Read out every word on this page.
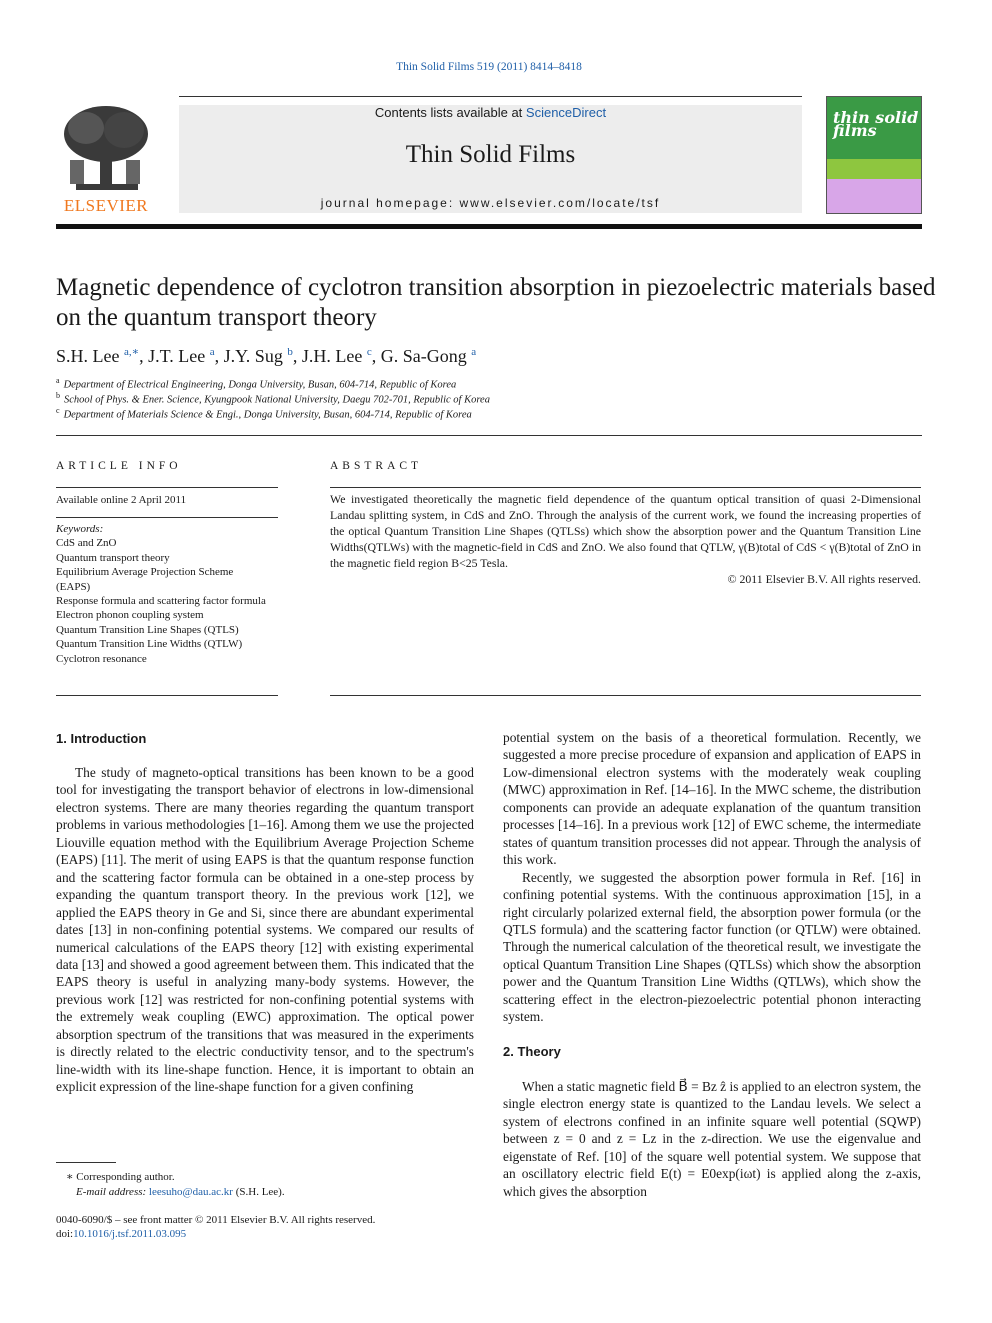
Thin Solid Films 519 (2011) 8414–8418
ELSEVIER
Contents lists available at ScienceDirect
Thin Solid Films
journal homepage: www.elsevier.com/locate/tsf
thin solid films
Magnetic dependence of cyclotron transition absorption in piezoelectric materials based on the quantum transport theory
S.H. Lee $^{a,∗}$, J.T. Lee $^a$, J.Y. Sug $^b$, J.H. Lee $^c$, G. Sa-Gong $^a$
$^a$ Department of Electrical Engineering, Donga University, Busan, 604-714, Republic of Korea
$^b$ School of Phys. & Ener. Science, Kyungpook National University, Daegu 702-701, Republic of Korea
$^c$ Department of Materials Science & Engi., Donga University, Busan, 604-714, Republic of Korea
ARTICLE INFO
Available online 2 April 2011
Keywords:
CdS and ZnO
Quantum transport theory
Equilibrium Average Projection Scheme (EAPS)
Response formula and scattering factor formula
Electron phonon coupling system
Quantum Transition Line Shapes (QTLS)
Quantum Transition Line Widths (QTLW)
Cyclotron resonance
ABSTRACT
We investigated theoretically the magnetic field dependence of the quantum optical transition of quasi 2-Dimensional Landau splitting system, in CdS and ZnO. Through the analysis of the current work, we found the increasing properties of the optical Quantum Transition Line Shapes (QTLSs) which show the absorption power and the Quantum Transition Line Widths(QTLWs) with the magnetic-field in CdS and ZnO. We also found that QTLW, γ(B)total of CdS < γ(B)total of ZnO in the magnetic field region B<25 Tesla.
© 2011 Elsevier B.V. All rights reserved.
1. Introduction

The study of magneto-optical transitions has been known to be a good tool for investigating the transport behavior of electrons in low-dimensional electron systems. There are many theories regarding the quantum transport problems in various methodologies [1–16]. Among them we use the projected Liouville equation method with the Equilibrium Average Projection Scheme (EAPS) [11]. The merit of using EAPS is that the quantum response function and the scattering factor formula can be obtained in a one-step process by expanding the quantum transport theory. In the previous work [12], we applied the EAPS theory in Ge and Si, since there are abundant experimental dates [13] in non-confining potential systems. We compared our results of numerical calculations of the EAPS theory [12] with existing experimental data [13] and showed a good agreement between them. This indicated that the EAPS theory is useful in analyzing many-body systems. However, the previous work [12] was restricted for non-confining potential systems with the extremely weak coupling (EWC) approximation. The optical power absorption spectrum of the transitions that was measured in the experiments is directly related to the electric conductivity tensor, and to the spectrum's line-width with its line-shape function. Hence, it is important to obtain an explicit expression of the line-shape function for a given confining

potential system on the basis of a theoretical formulation. Recently, we suggested a more precise procedure of expansion and application of EAPS in Low-dimensional electron systems with the moderately weak coupling (MWC) approximation in Ref. [14–16]. In the MWC scheme, the distribution components can provide an adequate explanation of the quantum transition processes [14–16]. In a previous work [12] of EWC scheme, the intermediate states of quantum transition processes did not appear. Through the analysis of this work.

Recently, we suggested the absorption power formula in Ref. [16] in confining potential systems. With the continuous approximation [15], in a right circularly polarized external field, the absorption power formula (or the QTLS formula) and the scattering factor function (or QTLW) were obtained. Through the numerical calculation of the theoretical result, we investigate the optical Quantum Transition Line Shapes (QTLSs) which show the absorption power and the Quantum Transition Line Widths (QTLWs), which show the scattering effect in the electron-piezoelectric potential phonon interacting system.

2. Theory

When a static magnetic field B⃗ = Bz ẑ is applied to an electron system, the single electron energy state is quantized to the Landau levels. We select a system of electrons confined in an infinite square well potential (SQWP) between z = 0 and z = Lz in the z-direction. We use the eigenvalue and eigenstate of Ref. [10] of the square well potential system. We suppose that an oscillatory electric field E(t) = E0exp(iωt) is applied along the z-axis, which gives the absorption

∗ Corresponding author.
E-mail address: leesuho@dau.ac.kr (S.H. Lee).
0040-6090/$ – see front matter © 2011 Elsevier B.V. All rights reserved.
doi:10.1016/j.tsf.2011.03.095
